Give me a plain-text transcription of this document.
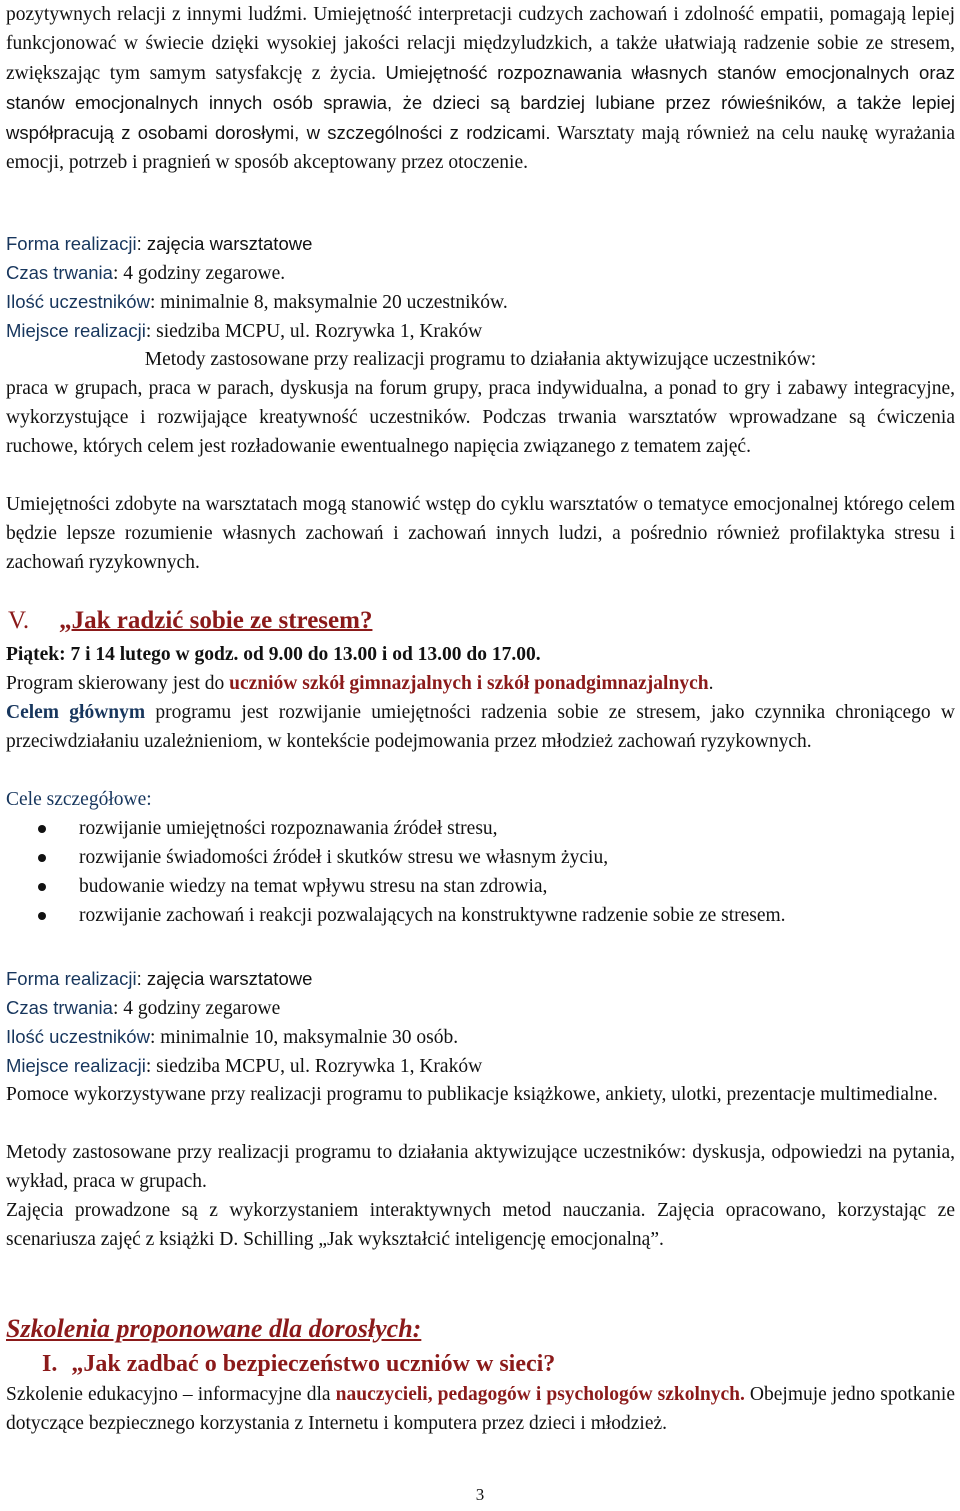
pozytywnych relacji z innymi ludźmi. Umiejętność interpretacji cudzych zachowań i zdolność empatii, pomagają lepiej funkcjonować w świecie dzięki wysokiej jakości relacji międzyludzkich, a także ułatwiają radzenie sobie ze stresem, zwiększając tym samym satysfakcję z życia. Umiejętność rozpoznawania własnych stanów emocjonalnych oraz stanów emocjonalnych innych osób sprawia, że dzieci są bardziej lubiane przez rówieśników, a także lepiej współpracują z osobami dorosłymi, w szczególności z rodzicami. Warsztaty mają również na celu naukę wyrażania emocji, potrzeb i pragnień w sposób akceptowany przez otoczenie.

Forma realizacji: zajęcia warsztatowe
Czas trwania: 4 godziny zegarowe.
Ilość uczestników: minimalnie 8, maksymalnie 20 uczestników.
Miejsce realizacji: siedziba MCPU, ul. Rozrywka 1, Kraków
Metody zastosowane przy realizacji programu to działania aktywizujące uczestników:

praca w grupach, praca w parach, dyskusja na forum grupy, praca indywidualna, a ponad to gry i zabawy integracyjne, wykorzystujące i rozwijające kreatywność uczestników. Podczas trwania warsztatów wprowadzane są ćwiczenia ruchowe, których celem jest rozładowanie ewentualnego napięcia związanego z tematem zajęć.

Umiejętności zdobyte na warsztatach mogą stanowić wstęp do cyklu warsztatów o tematyce emocjonalnej którego celem będzie lepsze rozumienie własnych zachowań i zachowań innych ludzi, a pośrednio również profilaktyka stresu i zachowań ryzykownych.

V. „Jak radzić sobie ze stresem?
Piątek: 7 i 14 lutego w godz. od 9.00 do 13.00 i od 13.00 do 17.00.
Program skierowany jest do uczniów szkół gimnazjalnych i szkół ponadgimnazjalnych.

Celem głównym programu jest rozwijanie umiejętności radzenia sobie ze stresem, jako czynnika chroniącego w przeciwdziałaniu uzależnieniom, w kontekście podejmowania przez młodzież zachowań ryzykownych.

Cele szczegółowe:
rozwijanie umiejętności rozpoznawania źródeł stresu,
rozwijanie świadomości źródeł i skutków stresu we własnym życiu,
budowanie wiedzy na temat wpływu stresu na stan zdrowia,
rozwijanie zachowań i reakcji pozwalających na konstruktywne radzenie sobie ze stresem.
Forma realizacji: zajęcia warsztatowe
Czas trwania: 4 godziny zegarowe
Ilość uczestników: minimalnie 10, maksymalnie 30 osób.
Miejsce realizacji: siedziba MCPU, ul. Rozrywka 1, Kraków

Pomoce wykorzystywane przy realizacji programu to publikacje książkowe, ankiety, ulotki, prezentacje multimedialne.

Metody zastosowane przy realizacji programu to działania aktywizujące uczestników: dyskusja, odpowiedzi na pytania, wykład, praca w grupach.

Zajęcia prowadzone są z wykorzystaniem interaktywnych metod nauczania. Zajęcia opracowano, korzystając ze scenariusza zajęć z książki D. Schilling „Jak wykształcić inteligencję emocjonalną”.

Szkolenia proponowane dla dorosłych:
I. „Jak zadbać o bezpieczeństwo uczniów w sieci?

Szkolenie edukacyjno – informacyjne dla nauczycieli, pedagogów i psychologów szkolnych. Obejmuje jedno spotkanie dotyczące bezpiecznego korzystania z Internetu i komputera przez dzieci i młodzież.

3
